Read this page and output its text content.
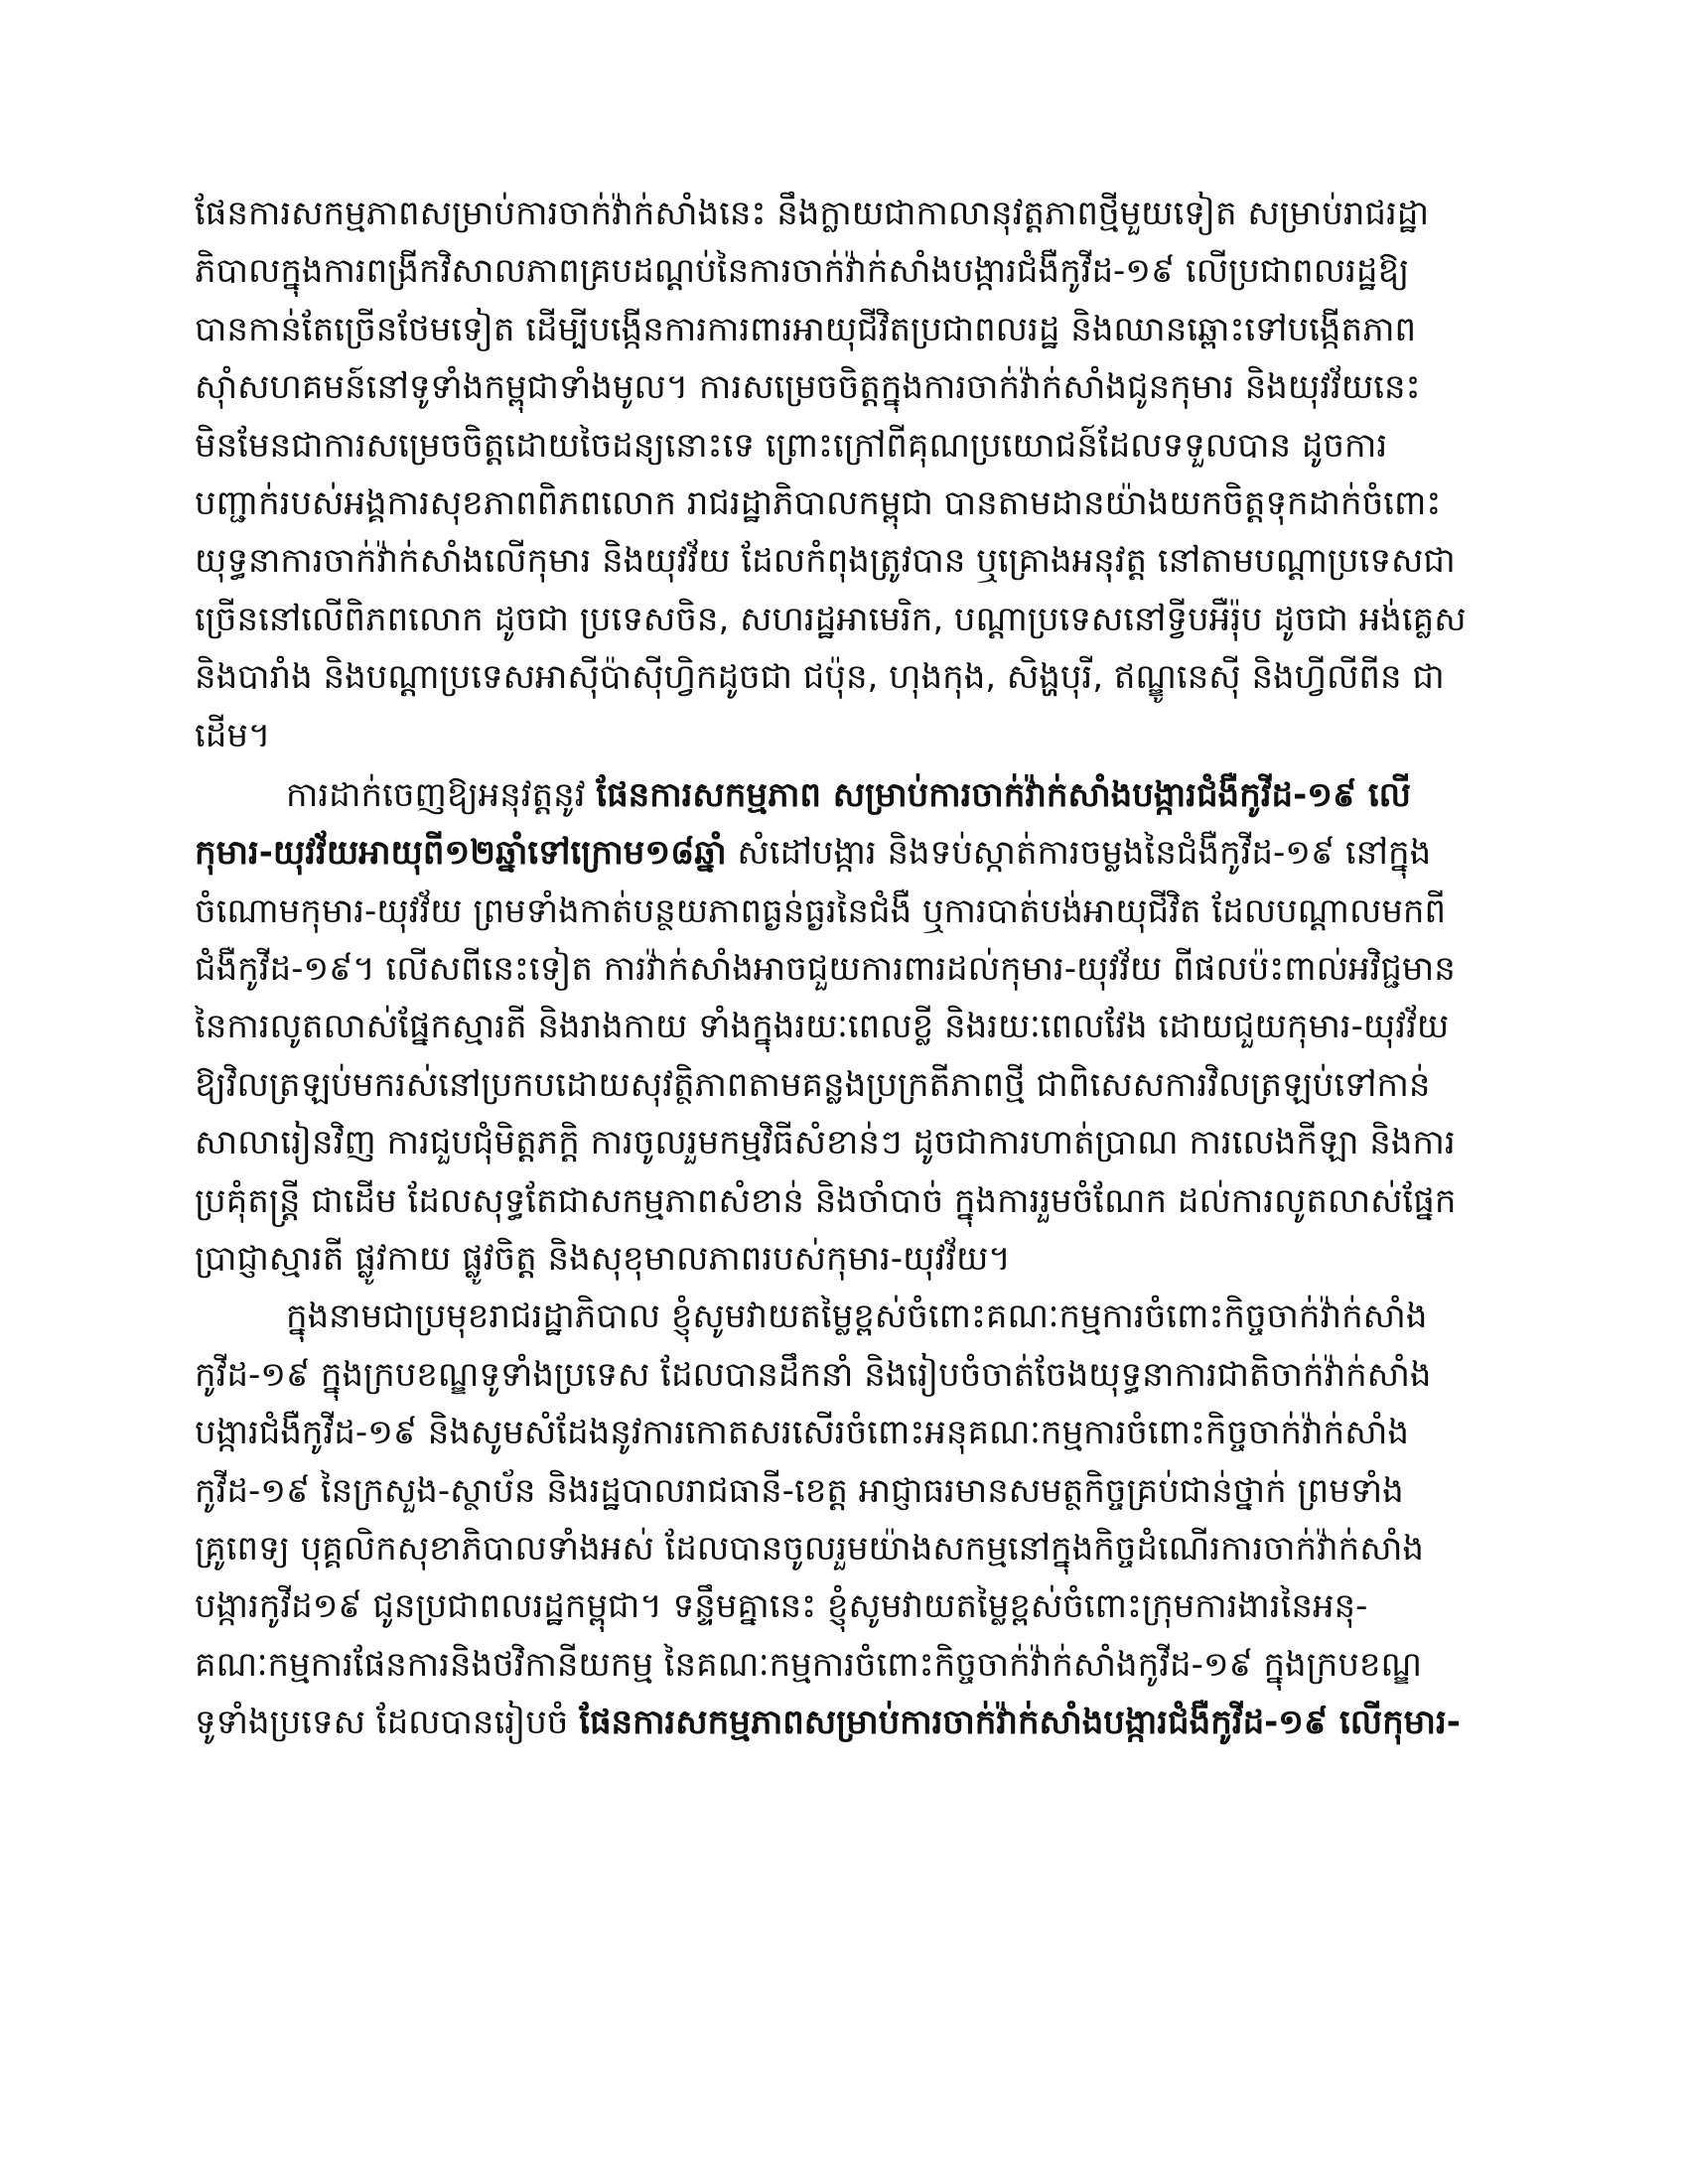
ផែនការសកម្មភាពសម្រាប់ការចាក់វ៉ាក់សាំងនេះ នឹងក្លាយជាកាលានុវត្តភាពថ្មីមួយទៀត សម្រាប់រាជរដ្ឋា
ភិបាលក្នុងការពង្រីកវិសាលភាពគ្របដណ្តប់នៃការចាក់វ៉ាក់សាំងបង្ការជំងឺកូវីដ-១៩ លើប្រជាពលរដ្ឋឱ្យ
បានកាន់តែច្រើនថែមទៀត ដើម្បីបង្កើនការការពារអាយុជីវិតប្រជាពលរដ្ឋ និងឈានឆ្ពោះទៅបង្កើតភាព
ស៊ាំសហគមន៍នៅទូទាំងកម្ពុជាទាំងមូល។ ការសម្រេចចិត្តក្នុងការចាក់វ៉ាក់សាំងជូនកុមារ និងយុវវ័យនេះ
មិនមែនជាការសម្រេចចិត្តដោយចៃដន្យនោះទេ ព្រោះក្រៅពីគុណប្រយោជន៍ដែលទទួលបាន ដូចការ
បញ្ជាក់របស់អង្គការសុខភាពពិភពលោក រាជរដ្ឋាភិបាលកម្ពុជា បានតាមដានយ៉ាងយកចិត្តទុកដាក់ចំពោះ
យុទ្ធនាការចាក់វ៉ាក់សាំងលើកុមារ និងយុវវ័យ ដែលកំពុងត្រូវបាន ឬគ្រោងអនុវត្ត នៅតាមបណ្តាប្រទេសជា
ច្រើននៅលើពិភពលោក ដូចជា ប្រទេសចិន, សហរដ្ឋអាមេរិក, បណ្តាប្រទេសនៅទ្វីបអឺរ៉ុប ដូចជា អង់គ្លេស
និងបារាំង និងបណ្តាប្រទេសអាស៊ីប៉ាស៊ីហ្វិកដូចជា ជប៉ុន, ហុងកុង, សិង្ហបុរី, ឥណ្ឌូនេស៊ី និងហ្វីលីពីន ជា
ដើម។
ការដាក់ចេញឱ្យអនុវត្តនូវ ផែនការសកម្មភាព សម្រាប់ការចាក់វ៉ាក់សាំងបង្ការជំងឺកូវីដ-១៩ លើ
កុមារ-យុវវ័យអាយុពី១២ឆ្នាំទៅក្រោម១៨ឆ្នាំ សំដៅបង្ការ និងទប់ស្កាត់ការចម្លងនៃជំងឺកូវីដ-១៩ នៅក្នុង
ចំណោមកុមារ-យុវវ័យ ព្រមទាំងកាត់បន្ថយភាពធ្ងន់ធ្ងរនៃជំងឺ ឬការបាត់បង់អាយុជីវិត ដែលបណ្តាលមកពី
ជំងឺកូវីដ-១៩។ លើសពីនេះទៀត ការវ៉ាក់សាំងអាចជួយការពារដល់កុមារ-យុវវ័យ ពីផលប៉ះពាល់អវិជ្ជមាន
នៃការលូតលាស់ផ្នែកស្មារតី និងរាងកាយ ទាំងក្នុងរយៈពេលខ្លី និងរយៈពេលវែង ដោយជួយកុមារ-យុវវ័យ
ឱ្យវិលត្រឡប់មករស់នៅប្រកបដោយសុវត្ថិភាពតាមគន្លងប្រក្រតីភាពថ្មី ជាពិសេសការវិលត្រឡប់ទៅកាន់
សាលារៀនវិញ ការជួបជុំមិត្តភក្តិ ការចូលរួមកម្មវិធីសំខាន់ៗ ដូចជាការហាត់ប្រាណ ការលេងកីឡា និងការ
ប្រគុំតន្ត្រី ជាដើម ដែលសុទ្ធតែជាសកម្មភាពសំខាន់ និងចាំបាច់ ក្នុងការរួមចំណែក ដល់ការលូតលាស់ផ្នែក
ប្រាជ្ញាស្មារតី ផ្លូវកាយ ផ្លូវចិត្ត និងសុខុមាលភាពរបស់កុមារ-យុវវ័យ។
ក្នុងនាមជាប្រមុខរាជរដ្ឋាភិបាល ខ្ញុំសូមវាយតម្លៃខ្ពស់ចំពោះគណៈកម្មការចំពោះកិច្ចចាក់វ៉ាក់សាំង
កូវីដ-១៩ ក្នុងក្របខណ្ឌទូទាំងប្រទេស ដែលបានដឹកនាំ និងរៀបចំចាត់ចែងយុទ្ធនាការជាតិចាក់វ៉ាក់សាំង
បង្ការជំងឺកូវីដ-១៩ និងសូមសំដែងនូវការកោតសរសើរចំពោះអនុគណៈកម្មការចំពោះកិច្ចចាក់វ៉ាក់សាំង
កូវីដ-១៩ នៃក្រសួង-ស្ថាប័ន និងរដ្ឋបាលរាជធានី-ខេត្ត អាជ្ញាធរមានសមត្ថកិច្ចគ្រប់ជាន់ថ្នាក់ ព្រមទាំង
គ្រូពេទ្យ បុគ្គលិកសុខាភិបាលទាំងអស់ ដែលបានចូលរួមយ៉ាងសកម្មនៅក្នុងកិច្ចដំណើរការចាក់វ៉ាក់សាំង
បង្ការកូវីដ១៩ ជូនប្រជាពលរដ្ឋកម្ពុជា។ ទន្ទឹមគ្នានេះ ខ្ញុំសូមវាយតម្លៃខ្ពស់ចំពោះក្រុមការងារនៃអនុ-
គណៈកម្មការផែនការនិងថវិកានីយកម្ម នៃគណៈកម្មការចំពោះកិច្ចចាក់វ៉ាក់សាំងកូវីដ-១៩ ក្នុងក្របខណ្ឌ
ទូទាំងប្រទេស ដែលបានរៀបចំ ផែនការសកម្មភាពសម្រាប់ការចាក់វ៉ាក់សាំងបង្ការជំងឺកូវីដ-១៩ លើកុមារ-
